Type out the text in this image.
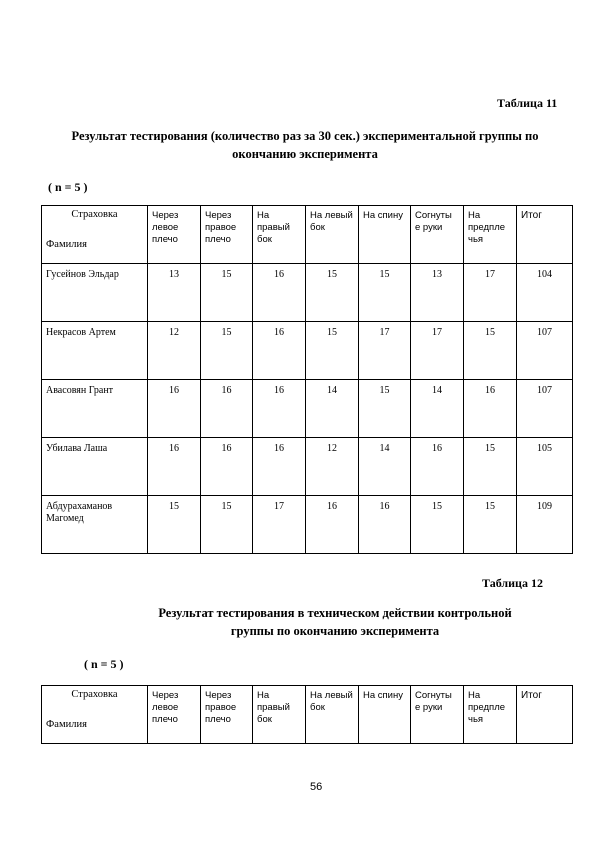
Таблица 11
Результат тестирования (количество раз за 30 сек.) экспериментальной группы по
окончанию эксперимента
( n = 5 )
Страховка
Фамилия	Через левое плечо	Через правое плечо	На правый бок	На левый бок	На спину	Согнуты е руки	На предпле чья	Итог
Гусейнов Эльдар	13	15	16	15	15	13	17	104
Некрасов Артем	12	15	16	15	17	17	15	107
Авасовян Грант	16	16	16	14	15	14	16	107
Убилава Лаша	16	16	16	12	14	16	15	105
Абдурахаманов Магомед	15	15	17	16	16	15	15	109
Таблица 12
Результат тестирования в техническом действии контрольной
группы по окончанию эксперимента
( n = 5 )
Страховка
Фамилия
	Через левое плечо	Через правое плечо	На правый бок	На левый бок	На спину	Согнуты е руки	На предпле чья	Итог
56
